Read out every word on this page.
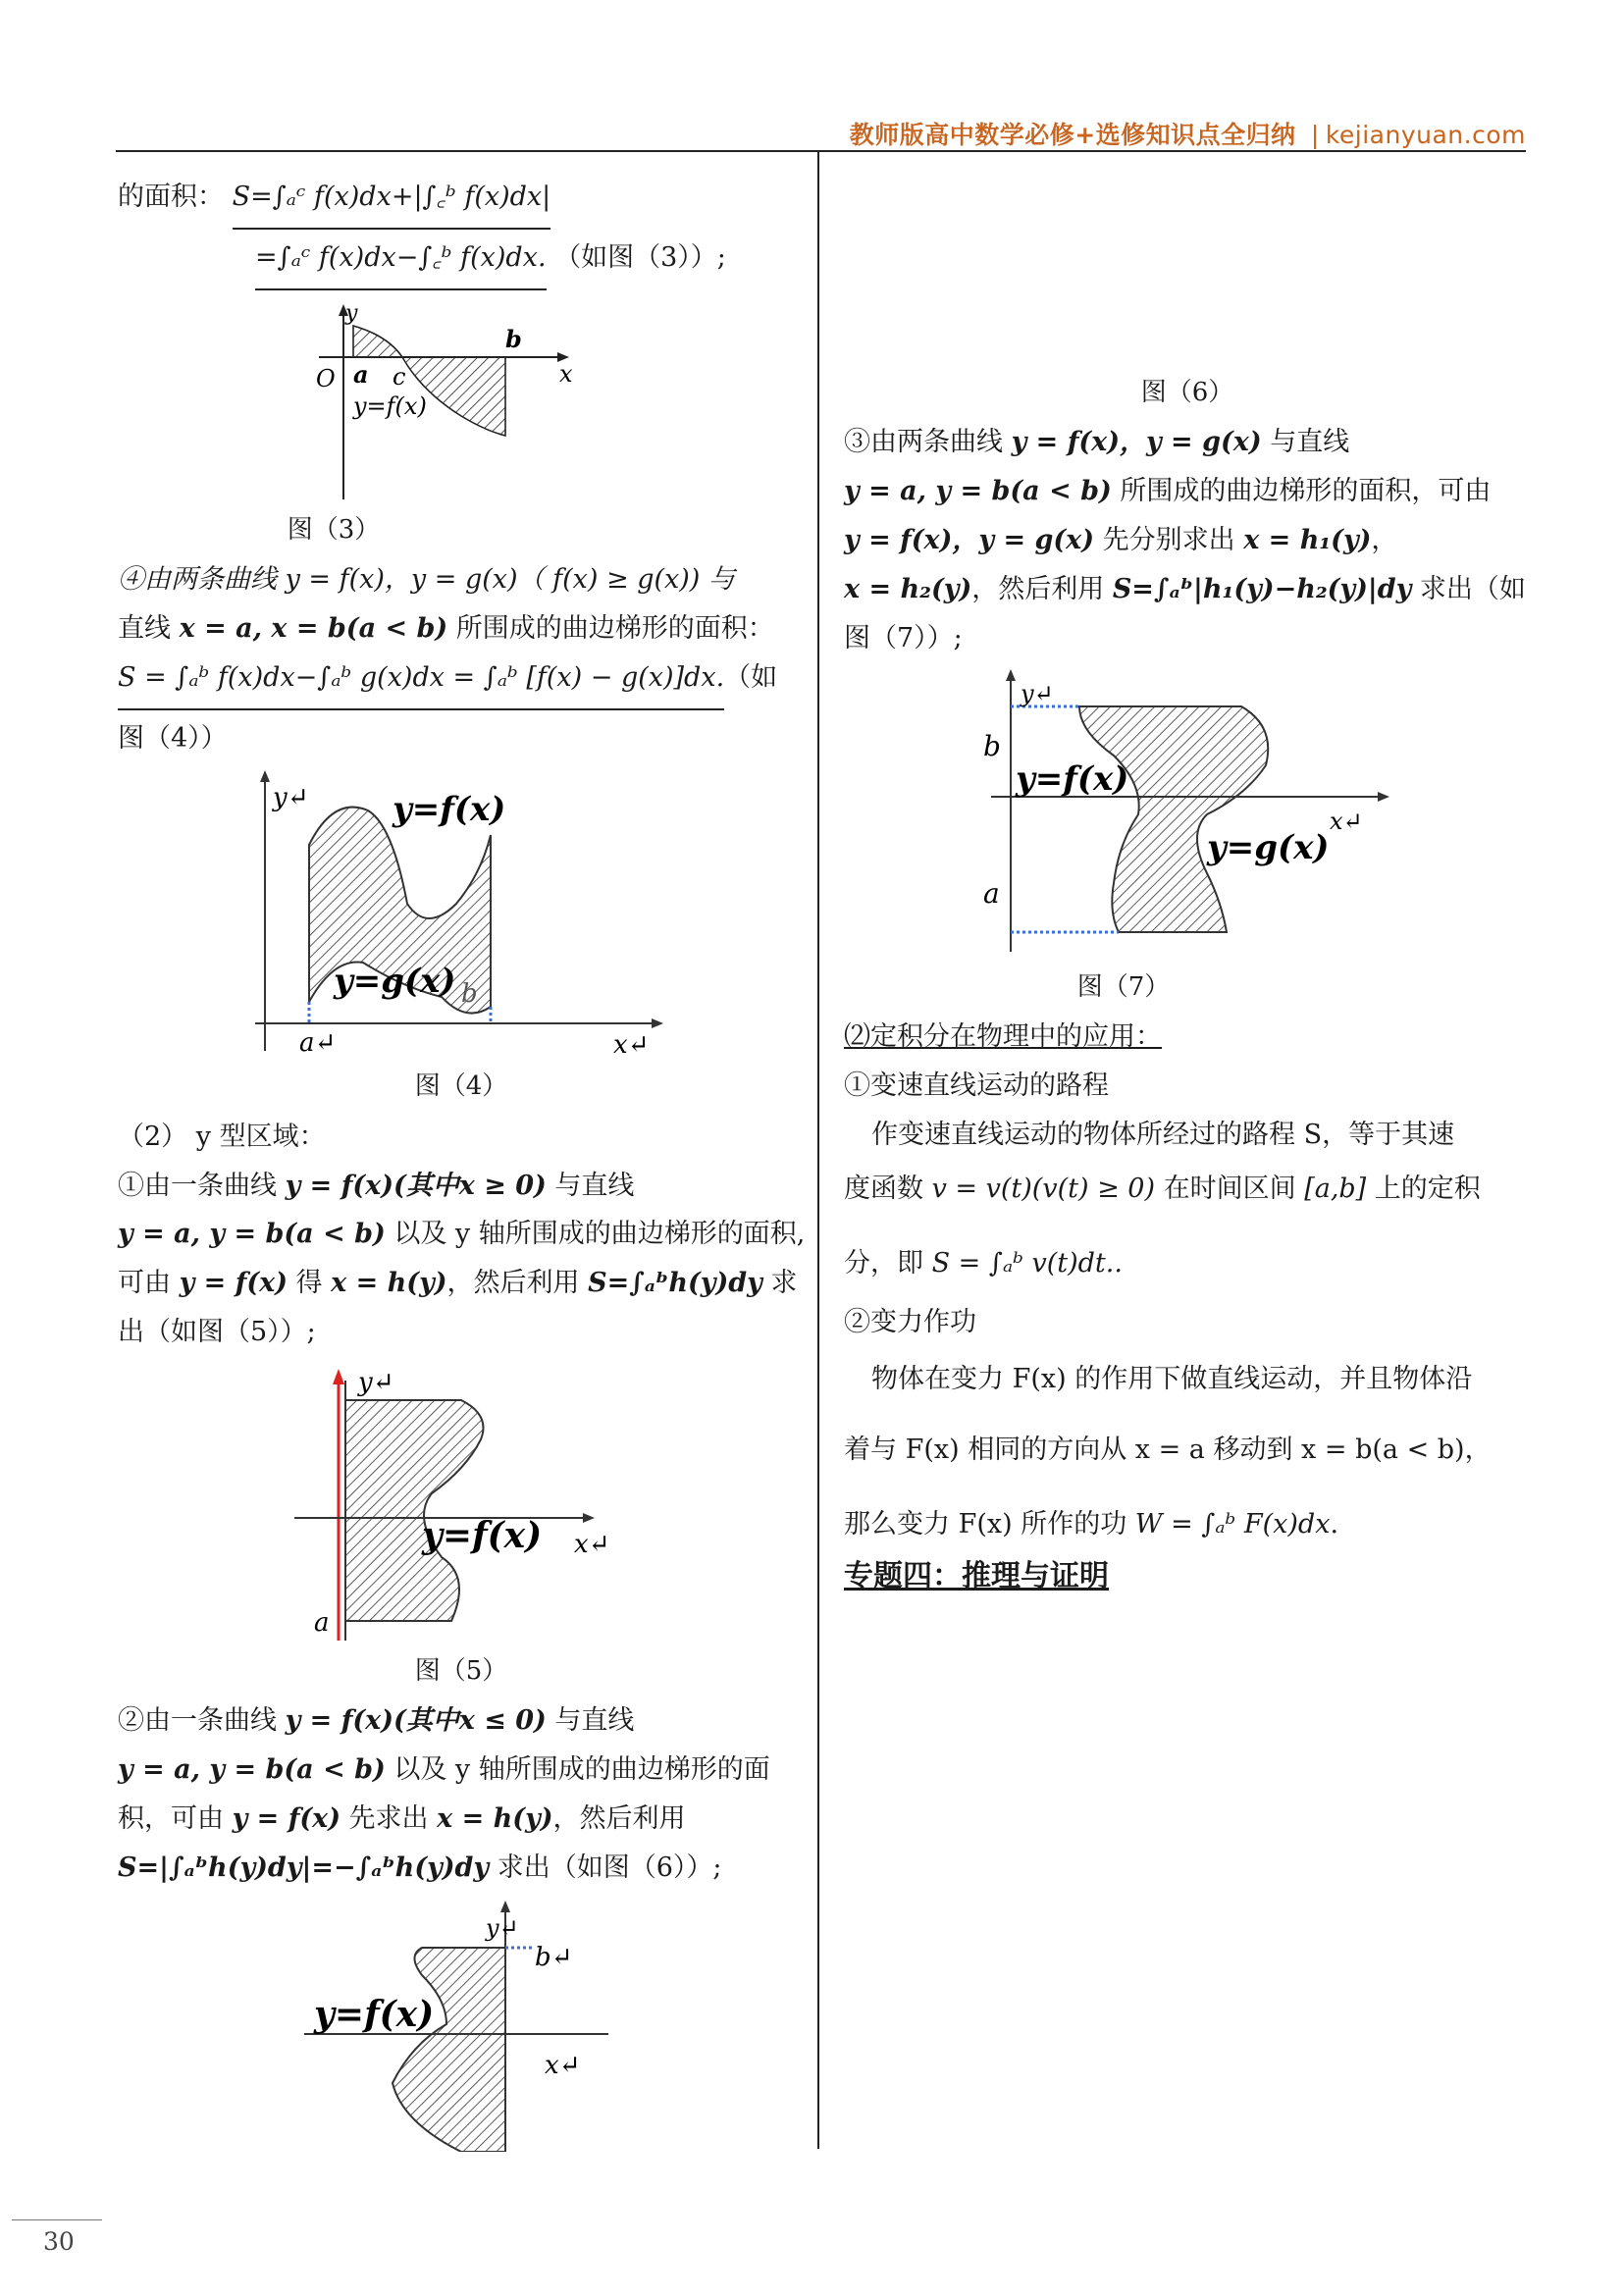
教师版高中数学必修+选修知识点全归纳 | kejianyuan.com
30
的面积： S=∫ₐᶜ f(x)dx+|∫꜀ᵇ f(x)dx|
=∫ₐᶜ f(x)dx−∫꜀ᵇ f(x)dx. （如图（3））;
y
O a c
b
x
y=f(x)
图（3）
④由两条曲线 y = f(x)，y = g(x)（ f(x) ≥ g(x)) 与
直线 x = a, x = b(a < b) 所围成的曲边梯形的面积：
S = ∫ₐᵇ f(x)dx−∫ₐᵇ g(x)dx = ∫ₐᵇ [f(x) − g(x)]dx.（如
图（4））
y↵	y=f(x)
y=g(x) b
a↵	x↵
图（4）
（2） y 型区域：
①由一条曲线 y = f(x)(其中x ≥ 0) 与直线
y = a, y = b(a < b) 以及 y 轴所围成的曲边梯形的面积,
可由 y = f(x) 得 x = h(y)，然后利用 S=∫ₐᵇh(y)dy 求
出（如图（5））;
y↵
y=f(x) x↵
a
图（5）
②由一条曲线 y = f(x)(其中x ≤ 0) 与直线
y = a, y = b(a < b) 以及 y 轴所围成的曲边梯形的面
积，可由 y = f(x) 先求出 x = h(y)，然后利用
S=|∫ₐᵇh(y)dy|=−∫ₐᵇh(y)dy 求出（如图（6））;
y↵
b↵
y=f(x)
x↵
图（6）
③由两条曲线 y = f(x)，y = g(x) 与直线
y = a, y = b(a < b) 所围成的曲边梯形的面积，可由
y = f(x)，y = g(x) 先分别求出 x = h₁(y)，
x = h₂(y)，然后利用 S=∫ₐᵇ|h₁(y)−h₂(y)|dy 求出（如
图（7））;
y↵
b
y=f(x)
y=g(x)
x↵
a
图（7）
⑵定积分在物理中的应用：
①变速直线运动的路程
作变速直线运动的物体所经过的路程 S，等于其速
度函数 v = v(t)(v(t) ≥ 0) 在时间区间 [a,b] 上的定积
分，即 S = ∫ₐᵇ v(t)dt..
②变力作功
物体在变力 F(x) 的作用下做直线运动，并且物体沿
着与 F(x) 相同的方向从 x = a 移动到 x = b(a < b)，
那么变力 F(x) 所作的功 W = ∫ₐᵇ F(x)dx.
专题四：推理与证明
